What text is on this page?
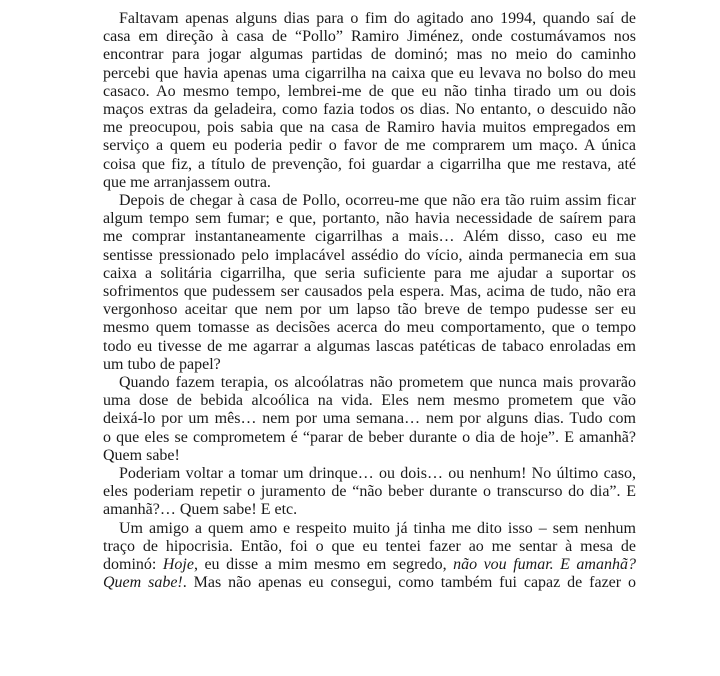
Faltavam apenas alguns dias para o fim do agitado ano 1994, quando saí de
casa em direção à casa de “Pollo” Ramiro Jiménez, onde costumávamos nos
encontrar para jogar algumas partidas de dominó; mas no meio do caminho
percebi que havia apenas uma cigarrilha na caixa que eu levava no bolso do meu
casaco. Ao mesmo tempo, lembrei-me de que eu não tinha tirado um ou dois
maços extras da geladeira, como fazia todos os dias. No entanto, o descuido não
me preocupou, pois sabia que na casa de Ramiro havia muitos empregados em
serviço a quem eu poderia pedir o favor de me comprarem um maço. A única
coisa que fiz, a título de prevenção, foi guardar a cigarrilha que me restava, até
que me arranjassem outra.

Depois de chegar à casa de Pollo, ocorreu-me que não era tão ruim assim ficar
algum tempo sem fumar; e que, portanto, não havia necessidade de saírem para
me comprar instantaneamente cigarrilhas a mais… Além disso, caso eu me
sentisse pressionado pelo implacável assédio do vício, ainda permanecia em sua
caixa a solitária cigarrilha, que seria suficiente para me ajudar a suportar os
sofrimentos que pudessem ser causados pela espera. Mas, acima de tudo, não era
vergonhoso aceitar que nem por um lapso tão breve de tempo pudesse ser eu
mesmo quem tomasse as decisões acerca do meu comportamento, que o tempo
todo eu tivesse de me agarrar a algumas lascas patéticas de tabaco enroladas em
um tubo de papel?

Quando fazem terapia, os alcoólatras não prometem que nunca mais provarão
uma dose de bebida alcoólica na vida. Eles nem mesmo prometem que vão
deixá-lo por um mês… nem por uma semana… nem por alguns dias. Tudo com
o que eles se comprometem é “parar de beber durante o dia de hoje”. E amanhã?
Quem sabe!

Poderiam voltar a tomar um drinque… ou dois… ou nenhum! No último caso,
eles poderiam repetir o juramento de “não beber durante o transcurso do dia”. E
amanhã?… Quem sabe! E etc.

Um amigo a quem amo e respeito muito já tinha me dito isso – sem nenhum
traço de hipocrisia. Então, foi o que eu tentei fazer ao me sentar à mesa de
dominó: Hoje, eu disse a mim mesmo em segredo, não vou fumar. E amanhã?
Quem sabe!. Mas não apenas eu consegui, como também fui capaz de fazer o
